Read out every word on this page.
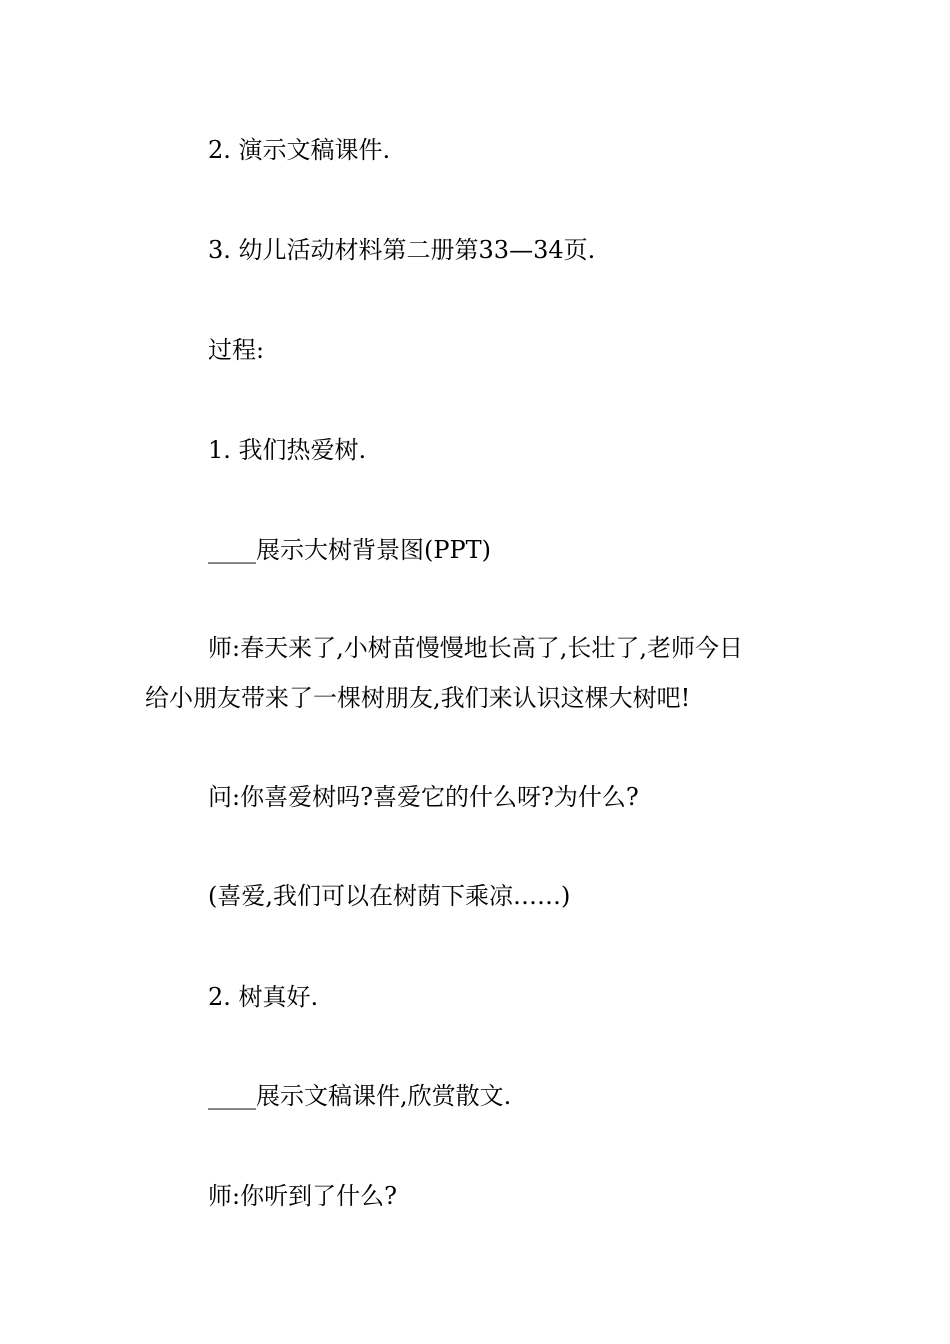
2. 演示文稿课件.
3. 幼儿活动材料第二册第33—34页.
过程:
1. 我们热爱树.
____展示大树背景图(PPT)
师:春天来了,小树苗慢慢地长高了,长壮了,老师今日
给小朋友带来了一棵树朋友,我们来认识这棵大树吧!
问:你喜爱树吗?喜爱它的什么呀?为什么?
(喜爱,我们可以在树荫下乘凉……)
2. 树真好.
____展示文稿课件,欣赏散文.
师:你听到了什么?
